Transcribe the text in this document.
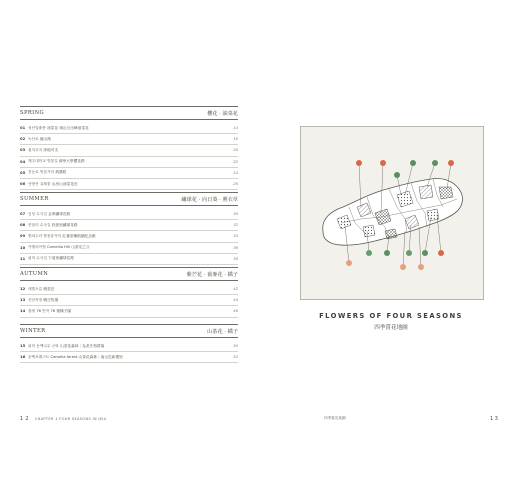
SPRING	櫻花 · 油菜花
01 성산일출봉 油菜花 城山日出峰油菜花	14
02 녹산로 鹿山路	18
03 섭지코지 涉地可支	20
04 제주대학교 벚꽃길 濟州大學櫻花路	22
05 전농로 벚꽃거리 典農路	24
06 산방산 유채꽃 山房山油菜花田	26
SUMMER	繡球花 · 向日葵 · 薰衣草
07 김녕 수국길 金寧繡球花路	30
08 종달리 수국길 終達里繡球花路	32
09 항파두리 항몽유적지 紅番茄種植園紀念館	34
10 카멜리아힐 Camellia Hill 山茶花之丘	36
11 위미 수국길 下道里繡球花路	38
AUTUMN	紫芒花 · 蕎麥花 · 橘子
12 새별오름 曉星岳	42
13 산천목장 曉日牧場	44
14 광평 76 번지 76 號橘子園	46
WINTER	山茶花 · 橘子
15 위미 동백나무 군락 山茶花森林｜為美冬柏群落	50
16 동백포레스트 Camelia forest 山茶花森林｜南元邑新禮里	52
1 2 CHAPTER 1 FOUR SEASONS IN JEJU
FLOWERS OF FOUR SEASONS
四季賞花地圖
四季賞花地圖	1 3
